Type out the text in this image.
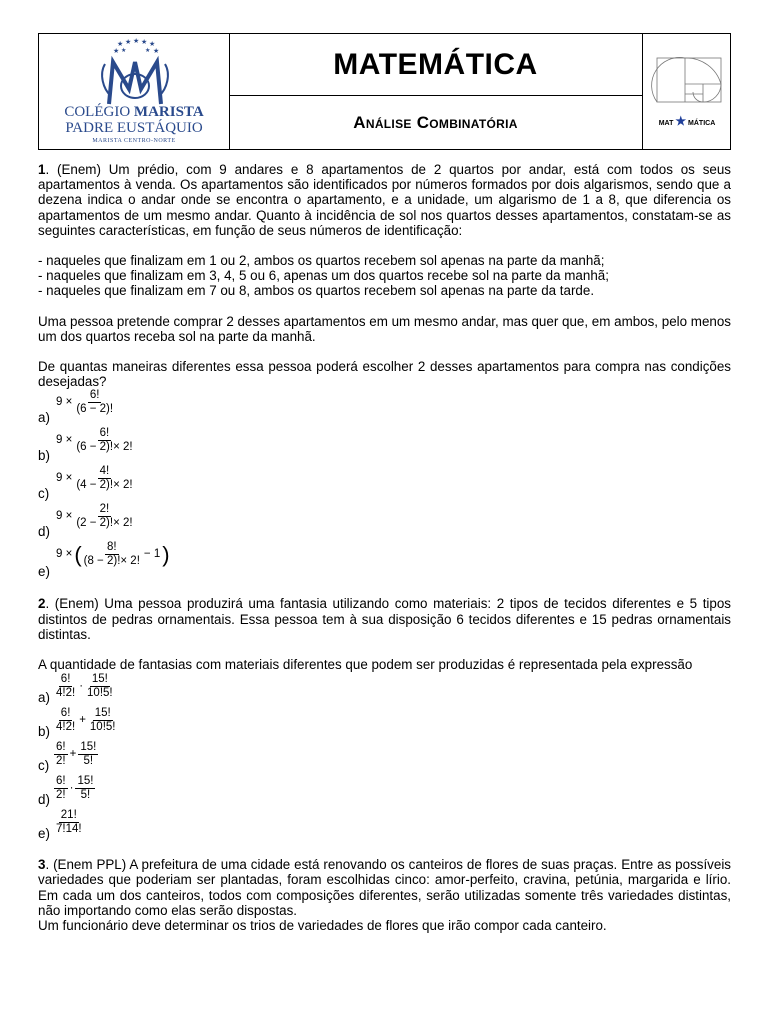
★ ★ ★ ★ ★
★	★
★	★
COLÉGIO MARISTA
PADRE EUSTÁQUIO
MARISTA CENTRO-NORTE
MATEMÁTICA
Análise Combinatória	MAT ★ MÁTICA

1. (Enem) Um prédio, com 9 andares e 8 apartamentos de 2 quartos por andar, está com todos os seus apartamentos à venda. Os apartamentos são identificados por números formados por dois algarismos, sendo que a dezena indica o andar onde se encontra o apartamento, e a unidade, um algarismo de 1 a 8, que diferencia os apartamentos de um mesmo andar. Quanto à incidência de sol nos quartos desses apartamentos, constatam-se as seguintes características, em função de seus números de identificação:

- naqueles que finalizam em 1 ou 2, ambos os quartos recebem sol apenas na parte da manhã;

- naqueles que finalizam em 3, 4, 5 ou 6, apenas um dos quartos recebe sol na parte da manhã;

- naqueles que finalizam em 7 ou 8, ambos os quartos recebem sol apenas na parte da tarde.

Uma pessoa pretende comprar 2 desses apartamentos em um mesmo andar, mas quer que, em ambos, pelo menos um dos quartos receba sol na parte da manhã.

De quantas maneiras diferentes essa pessoa poderá escolher 2 desses apartamentos para compra nas condições desejadas?

a)
$9 \times \frac{6!}{(6 - 2)!}$
b)
$9 \times \frac{6!}{(6 - 2)!\times 2!}$
c)
$9 \times \frac{4!}{(4 - 2)!\times 2!}$
d)
$9 \times \frac{2!}{(2 - 2)!\times 2!}$
e)
9 × ( $\frac{8!}{(8 - 2)!\times 2!} - 1$ )

2. (Enem) Uma pessoa produzirá uma fantasia utilizando como materiais: 2 tipos de tecidos diferentes e 5 tipos distintos de pedras ornamentais. Essa pessoa tem à sua disposição 6 tecidos diferentes e 15 pedras ornamentais distintas.

A quantidade de fantasias com materiais diferentes que podem ser produzidas é representada pela expressão

$a) \frac{6!}{4!2!} \cdot \frac{15!}{10!5!}$
$b) \frac{6!}{4!2!} + \frac{15!}{10!5!}$
$c) \frac{6!}{2!} + \frac{15!}{5!}$
$d) \frac{6!}{2!} \cdot \frac{15!}{5!}$
$e) \frac{21!}{7!14!}$

3. (Enem PPL) A prefeitura de uma cidade está renovando os canteiros de flores de suas praças. Entre as possíveis variedades que poderiam ser plantadas, foram escolhidas cinco: amor-perfeito, cravina, petúnia, margarida e lírio. Em cada um dos canteiros, todos com composições diferentes, serão utilizadas somente três variedades distintas, não importando como elas serão dispostas.

Um funcionário deve determinar os trios de variedades de flores que irão compor cada canteiro.
